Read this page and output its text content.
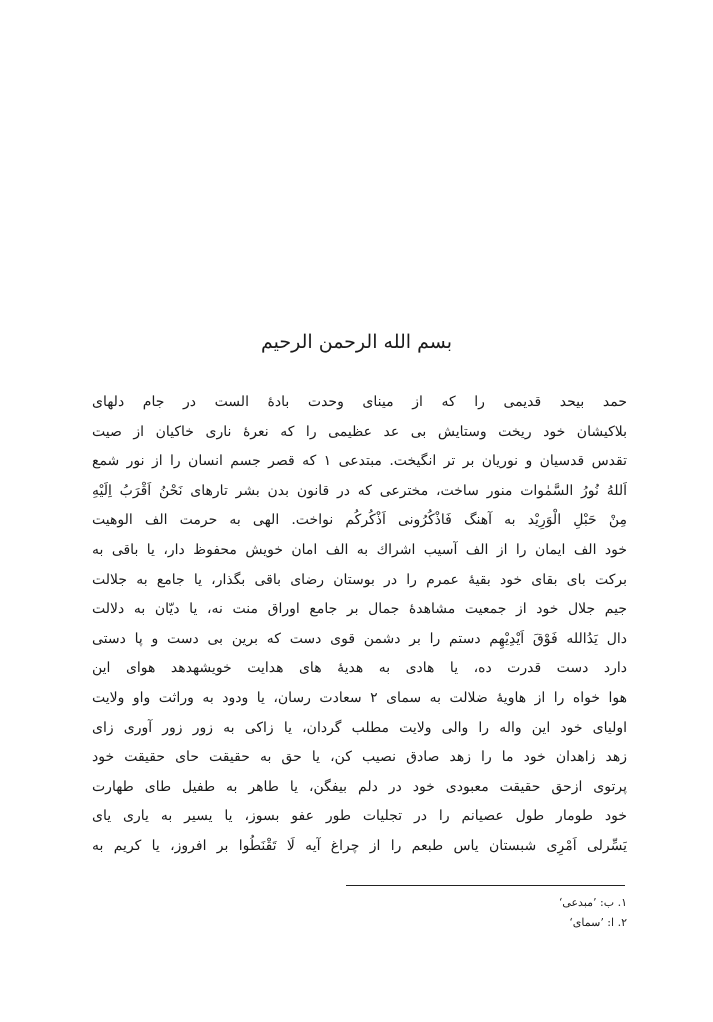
بسم الله الرحمن الرحیم
حمد بیحد قدیمی را که از مینای وحدت بادهٔ الست در جام دلهای
بلاکیشان خود ریخت وستایش بی عد عظیمی را که نعرهٔ ناری خاکیان از صیت
تقدس قدسیان و نوریان بر تر انگیخت. مبتدعی ۱ که قصر جسم انسان را از نور شمع
اَللهُ نُورُ السَّمٰوات منور ساخت، مخترعی که در قانون بدن بشر تارهای نَحْنُ اَقْرَبُ اِلَیْهِ
مِنْ حَبْلِ الْوَرِیْد به آهنگ فَاذْکُرُونی اَذْکُرکُم نواخت. الهی به حرمت الف الوهیت
خود الف ایمان را از الف آسیب اشراك به الف امان خویش محفوظ دار، یا باقی به
برکت بای بقای خود بقیهٔ عمرم را در بوستان رضای باقی بگذار، یا جامع به جلالت
جیم جلال خود از جمعیت مشاهدهٔ جمال بر جامع اوراق منت نه، یا دیّان به دلالت
دال یَدُالله فَوْقَ اَیْدِیْهِم دستم را بر دشمن قوی دست که برین بی دست و پا دستی
دارد دست قدرت ده، یا هادی به هدیهٔ های هدایت خویشهدهد هوای این
هوا خواه را از هاویهٔ ضلالت به سمای ۲ سعادت رسان، یا ودود به وراثت واو ولایت
اولیای خود این واله را والی ولایت مطلب گردان، یا زاکی به زور زور آوری زای
زهد زاهدان خود ما را زهد صادق نصیب کن، یا حق به حقیقت حای حقیقت خود
پرتوی ازحق حقیقت معبودی خود در دلم بیفگن، یا طاهر به طفیل طای طهارت
خود طومار طول عصیانم را در تجلیات طور عفو بسوز، یا یسیر به یاری یای
یَسِّرلی اَمْرِی شبستان یاس طبعم را از چراغ آیه لَا تَقْنَطُوا بر افروز، یا کریم به
۱. ب: ’مبدعی‘
۲. ا: ’سمای‘
